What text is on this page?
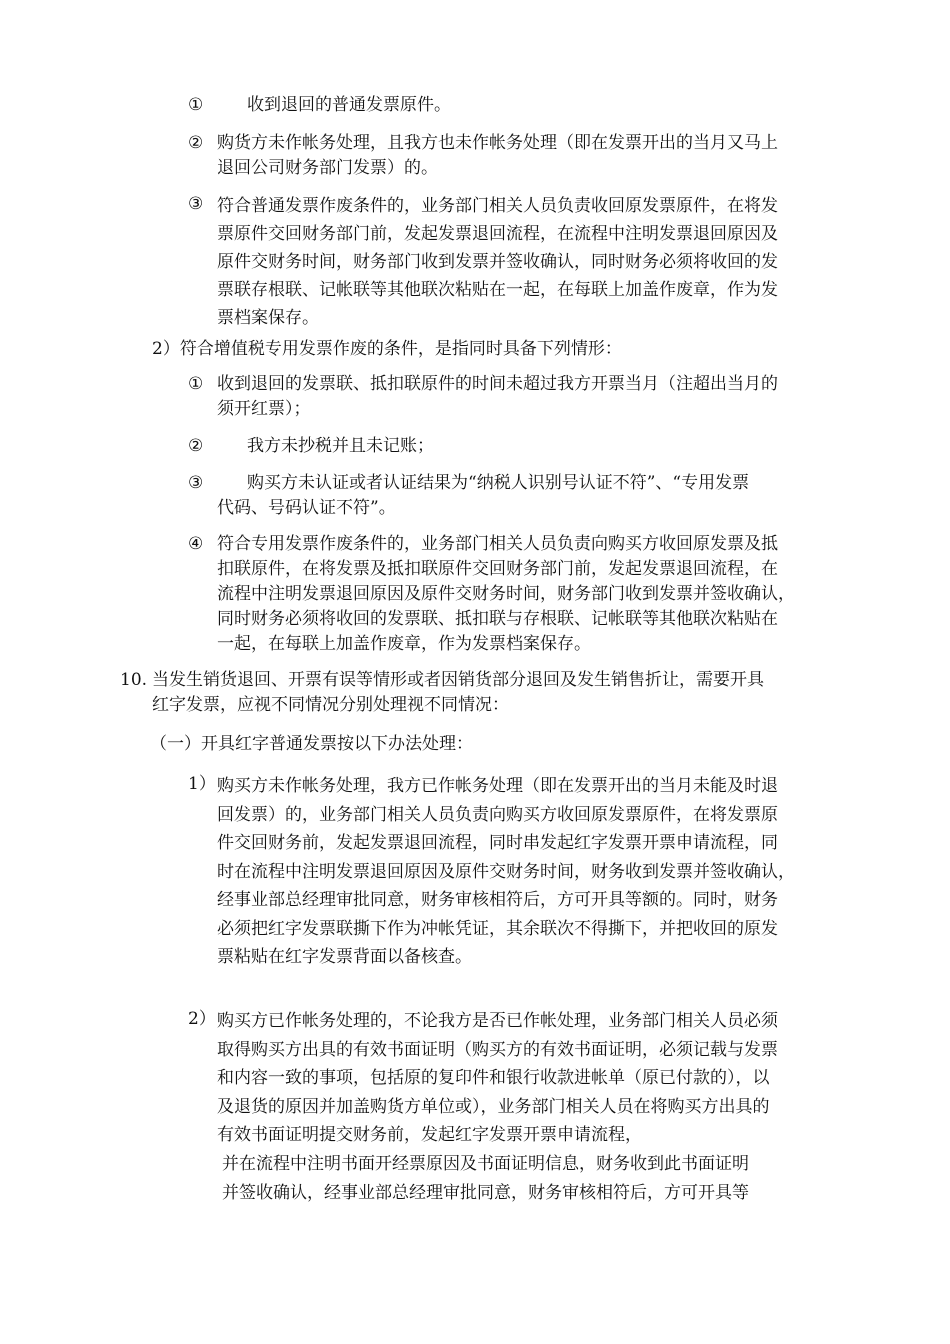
①	收到退回的普通发票原件。
② 购货方未作帐务处理，且我方也未作帐务处理（即在发票开出的当月又马上
退回公司财务部门发票）的。
③ 符合普通发票作废条件的，业务部门相关人员负责收回原发票原件，在将发
票原件交回财务部门前，发起发票退回流程，在流程中注明发票退回原因及
原件交财务时间，财务部门收到发票并签收确认，同时财务必须将收回的发
票联存根联、记帐联等其他联次粘贴在一起，在每联上加盖作废章，作为发
票档案保存。
2）符合增值税专用发票作废的条件，是指同时具备下列情形：
① 收到退回的发票联、抵扣联原件的时间未超过我方开票当月（注超出当月的
须开红票）；
②	我方未抄税并且未记账；
③	购买方未认证或者认证结果为“纳税人识别号认证不符”、“专用发票
代码、号码认证不符”。
④ 符合专用发票作废条件的，业务部门相关人员负责向购买方收回原发票及抵
扣联原件，在将发票及抵扣联原件交回财务部门前，发起发票退回流程，在
流程中注明发票退回原因及原件交财务时间，财务部门收到发票并签收确认，
同时财务必须将收回的发票联、抵扣联与存根联、记帐联等其他联次粘贴在
一起，在每联上加盖作废章，作为发票档案保存。
10. 当发生销货退回、开票有误等情形或者因销货部分退回及发生销售折让，需要开具
红字发票，应视不同情况分别处理视不同情况：
（一）开具红字普通发票按以下办法处理：
1） 购买方未作帐务处理，我方已作帐务处理（即在发票开出的当月未能及时退
回发票）的，业务部门相关人员负责向购买方收回原发票原件，在将发票原
件交回财务前，发起发票退回流程，同时串发起红字发票开票申请流程，同
时在流程中注明发票退回原因及原件交财务时间，财务收到发票并签收确认，
经事业部总经理审批同意，财务审核相符后，方可开具等额的。同时，财务
必须把红字发票联撕下作为冲帐凭证，其余联次不得撕下，并把收回的原发
票粘贴在红字发票背面以备核查。
2） 购买方已作帐务处理的，不论我方是否已作帐处理，业务部门相关人员必须
取得购买方出具的有效书面证明（购买方的有效书面证明，必须记载与发票
和内容一致的事项，包括原的复印件和银行收款进帐单（原已付款的），以
及退货的原因并加盖购货方单位或），业务部门相关人员在将购买方出具的
有效书面证明提交财务前，发起红字发票开票申请流程，
并在流程中注明书面开经票原因及书面证明信息，财务收到此书面证明
并签收确认，经事业部总经理审批同意，财务审核相符后，方可开具等
